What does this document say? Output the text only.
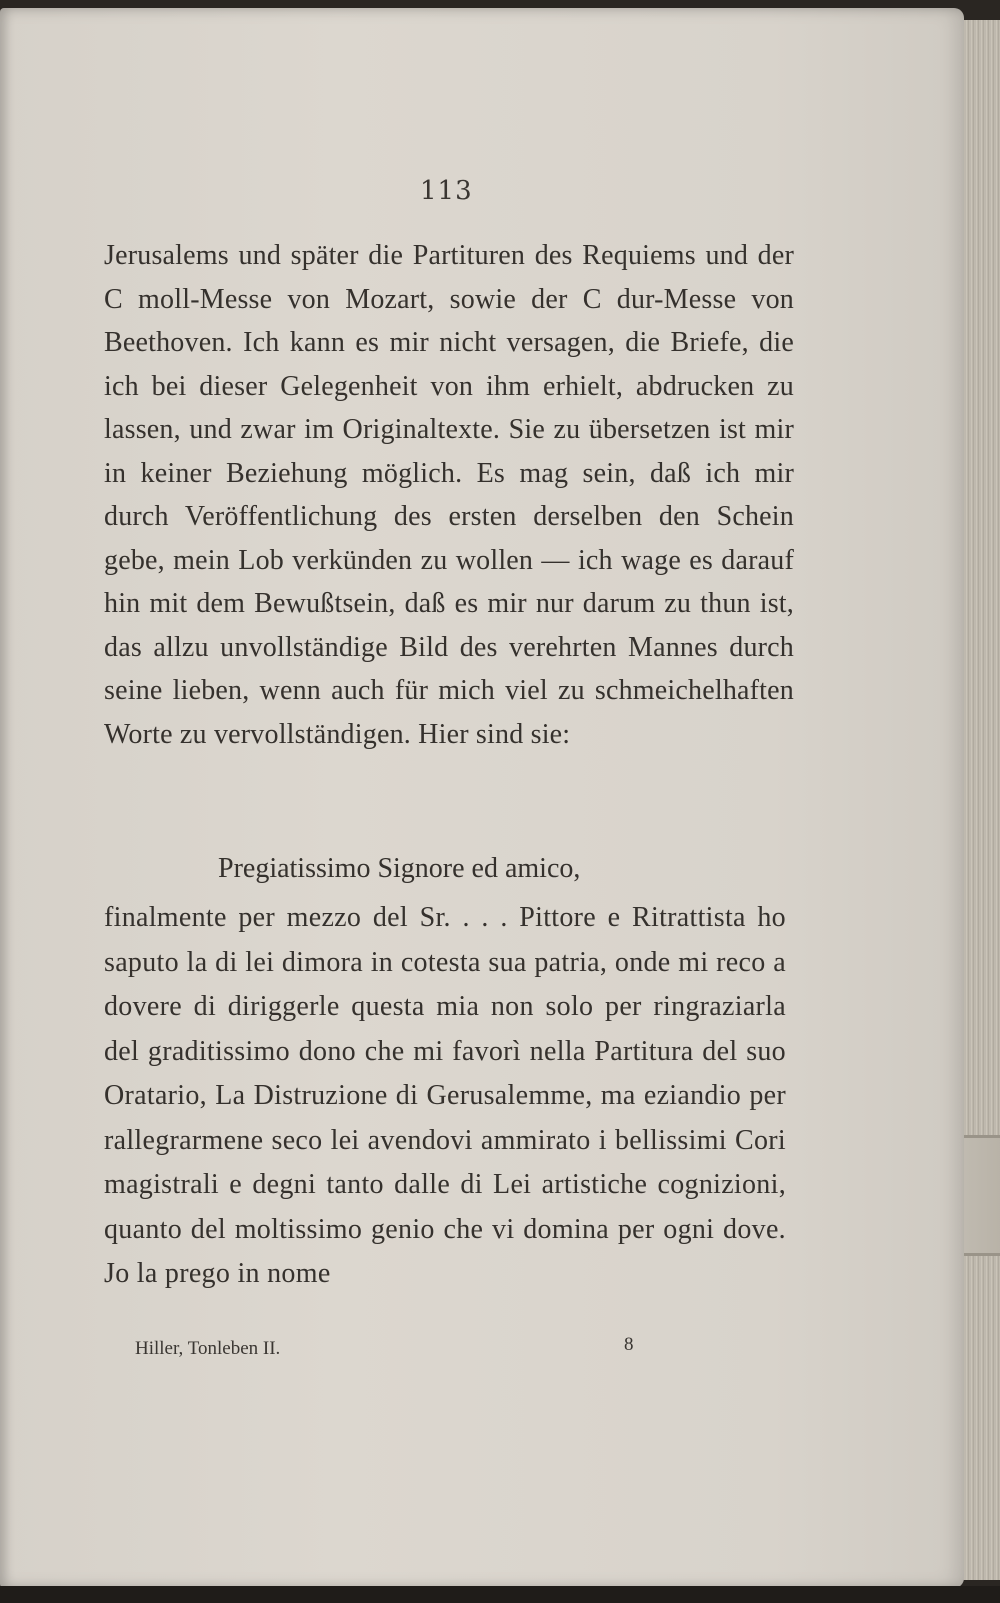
113
Jerusalems und später die Partituren des Requiems und der C moll-Messe von Mozart, sowie der C dur-Messe von Beethoven. Ich kann es mir nicht versagen, die Briefe, die ich bei dieser Gelegenheit von ihm erhielt, abdrucken zu lassen, und zwar im Originaltexte. Sie zu übersetzen ist mir in keiner Beziehung möglich. Es mag sein, daß ich mir durch Veröffentlichung des ersten derselben den Schein gebe, mein Lob verkünden zu wollen — ich wage es darauf hin mit dem Bewußtsein, daß es mir nur darum zu thun ist, das allzu unvollständige Bild des verehrten Mannes durch seine lieben, wenn auch für mich viel zu schmeichelhaften Worte zu vervollständigen. Hier sind sie:
Pregiatissimo Signore ed amico,
finalmente per mezzo del Sr. . . . Pittore e Ritrattista ho saputo la di lei dimora in cotesta sua patria, onde mi reco a dovere di diriggerle questa mia non solo per ringraziarla del graditissimo dono che mi favorì nella Partitura del suo Oratario, La Distruzione di Gerusalemme, ma eziandio per rallegrarmene seco lei avendovi ammirato i bellissimi Cori magistrali e degni tanto dalle di Lei artistiche cognizioni, quanto del moltissimo genio che vi domina per ogni dove. Jo la prego in nome
Hiller, Tonleben II.	8
